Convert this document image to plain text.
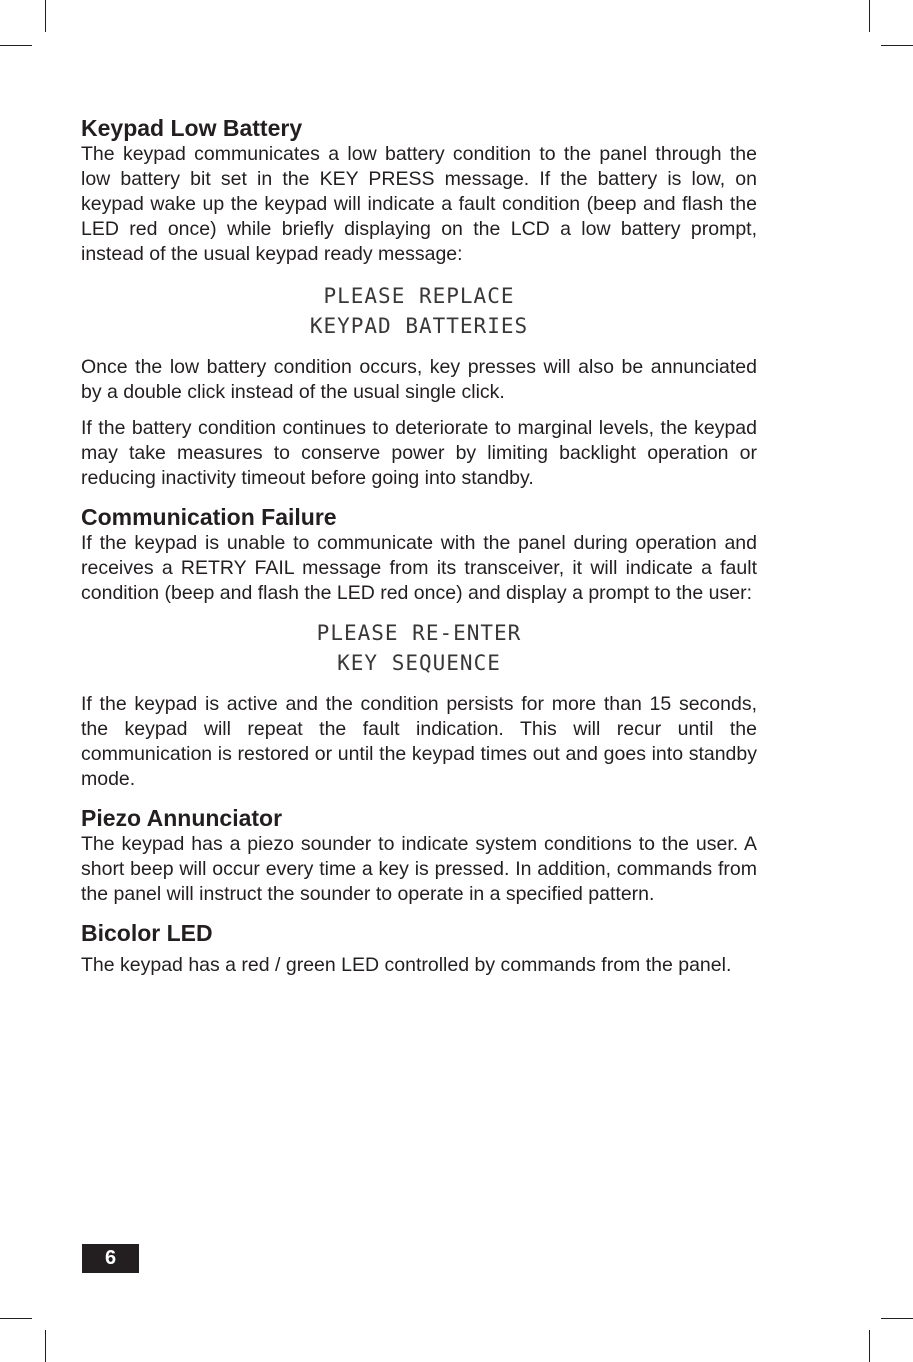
Keypad Low Battery

The keypad communicates a low battery condition to the panel through the low battery bit set in the KEY PRESS message. If the battery is low, on keypad wake up the keypad will indicate a fault condition (beep and flash the LED red once) while briefly displaying on the LCD a low battery prompt, instead of the usual keypad ready message:

PLEASE REPLACE
KEYPAD BATTERIES

Once the low battery condition occurs, key presses will also be annunciated by a double click instead of the usual single click.

If the battery condition continues to deteriorate to marginal levels, the keypad may take measures to conserve power by limiting backlight operation or reducing inactivity timeout before going into standby.

Communication Failure

If the keypad is unable to communicate with the panel during operation and receives a RETRY FAIL message from its transceiver, it will indicate a fault condition (beep and flash the LED red once) and display a prompt to the user:

PLEASE RE-ENTER
KEY SEQUENCE

If the keypad is active and the condition persists for more than 15 seconds, the keypad will repeat the fault indication. This will recur until the communication is restored or until the keypad times out and goes into standby mode.

Piezo Annunciator

The keypad has a piezo sounder to indicate system conditions to the user. A short beep will occur every time a key is pressed. In addition, commands from the panel will instruct the sounder to operate in a specified pattern.

Bicolor LED

The keypad has a red / green LED controlled by commands from the panel.

6
